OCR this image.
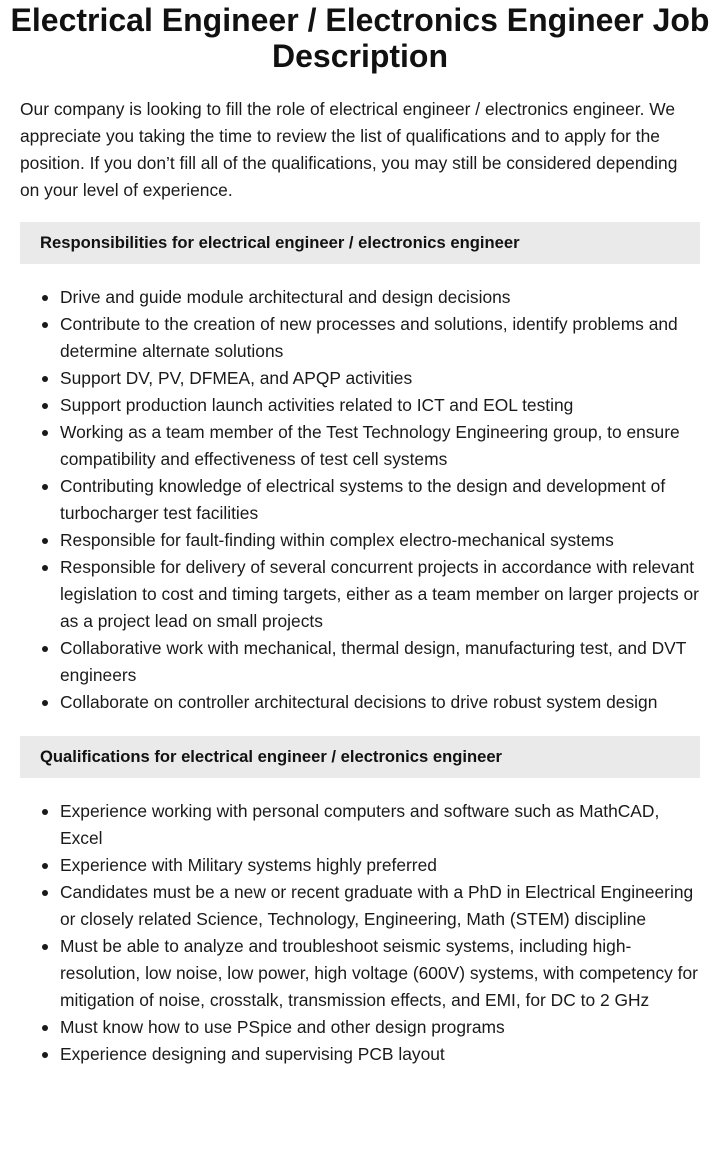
Electrical Engineer / Electronics Engineer Job Description

Our company is looking to fill the role of electrical engineer / electronics engineer. We appreciate you taking the time to review the list of qualifications and to apply for the position. If you don’t fill all of the qualifications, you may still be considered depending on your level of experience.

Responsibilities for electrical engineer / electronics engineer
Drive and guide module architectural and design decisions
Contribute to the creation of new processes and solutions, identify problems and determine alternate solutions
Support DV, PV, DFMEA, and APQP activities
Support production launch activities related to ICT and EOL testing
Working as a team member of the Test Technology Engineering group, to ensure compatibility and effectiveness of test cell systems
Contributing knowledge of electrical systems to the design and development of turbocharger test facilities
Responsible for fault-finding within complex electro-mechanical systems
Responsible for delivery of several concurrent projects in accordance with relevant legislation to cost and timing targets, either as a team member on larger projects or as a project lead on small projects
Collaborative work with mechanical, thermal design, manufacturing test, and DVT engineers
Collaborate on controller architectural decisions to drive robust system design
Qualifications for electrical engineer / electronics engineer
Experience working with personal computers and software such as MathCAD, Excel
Experience with Military systems highly preferred
Candidates must be a new or recent graduate with a PhD in Electrical Engineering or closely related Science, Technology, Engineering, Math (STEM) discipline
Must be able to analyze and troubleshoot seismic systems, including high-resolution, low noise, low power, high voltage (600V) systems, with competency for mitigation of noise, crosstalk, transmission effects, and EMI, for DC to 2 GHz
Must know how to use PSpice and other design programs
Experience designing and supervising PCB layout
